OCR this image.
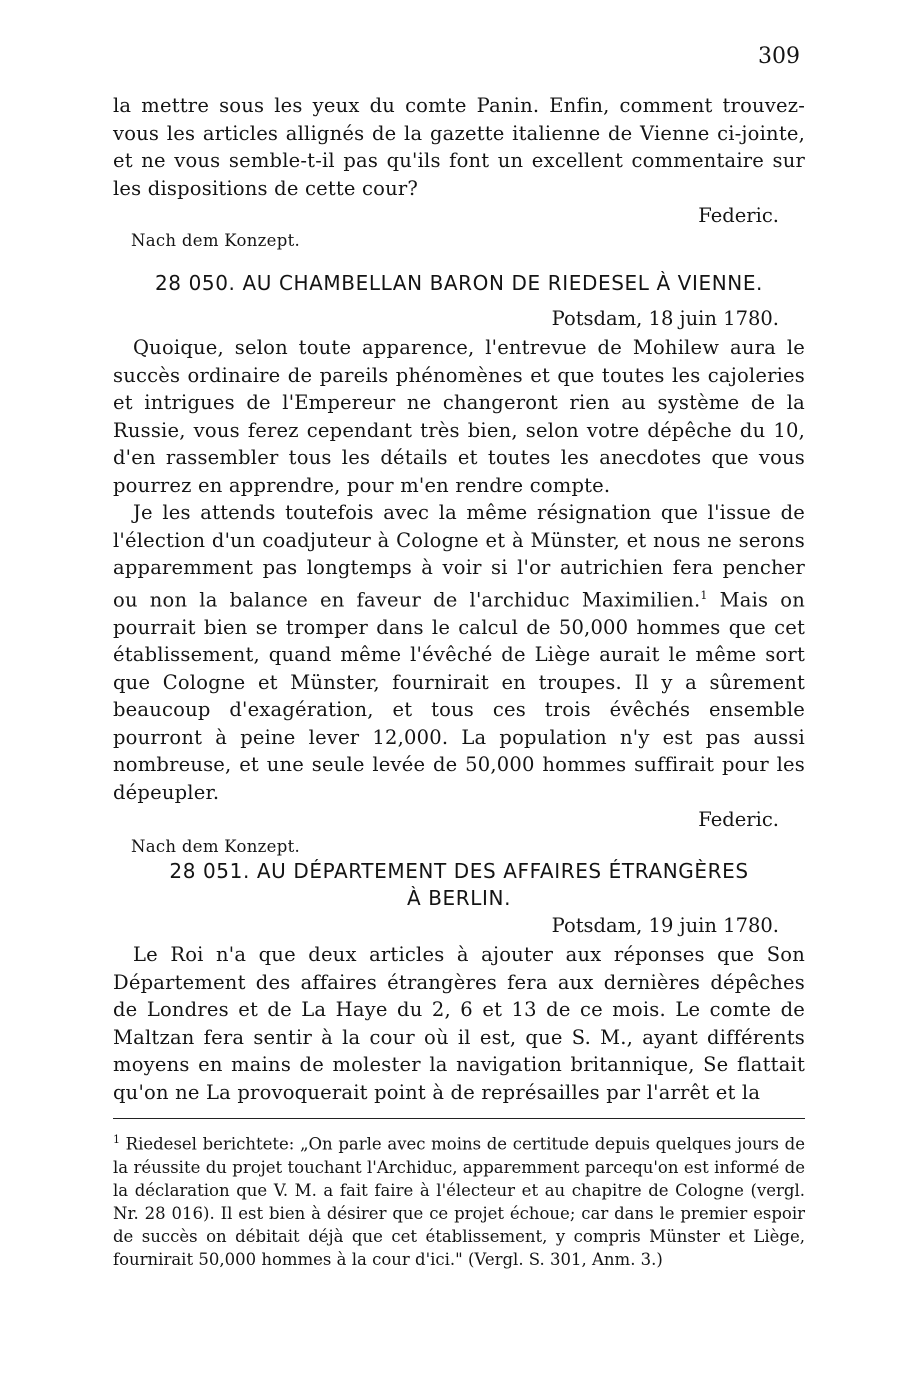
309

la mettre sous les yeux du comte Panin. Enfin, comment trouvez-vous les articles allignés de la gazette italienne de Vienne ci-jointe, et ne vous semble-t-il pas qu'ils font un excellent commentaire sur les dispositions de cette cour?

Federic.

Nach dem Konzept.

28 050. AU CHAMBELLAN BARON DE RIEDESEL À VIENNE.

Potsdam, 18 juin 1780.

Quoique, selon toute apparence, l'entrevue de Mohilew aura le succès ordinaire de pareils phénomènes et que toutes les cajoleries et intrigues de l'Empereur ne changeront rien au système de la Russie, vous ferez cependant très bien, selon votre dépêche du 10, d'en rassembler tous les détails et toutes les anecdotes que vous pourrez en apprendre, pour m'en rendre compte.

Je les attends toutefois avec la même résignation que l'issue de l'élection d'un coadjuteur à Cologne et à Münster, et nous ne serons apparemment pas longtemps à voir si l'or autrichien fera pencher ou non la balance en faveur de l'archiduc Maximilien.$^1$ Mais on pourrait bien se tromper dans le calcul de 50,000 hommes que cet établissement, quand même l'évêché de Liège aurait le même sort que Cologne et Münster, fournirait en troupes. Il y a sûrement beaucoup d'exagération, et tous ces trois évêchés ensemble pourront à peine lever 12,000. La population n'y est pas aussi nombreuse, et une seule levée de 50,000 hommes suffirait pour les dépeupler.

Federic.

Nach dem Konzept.

28 051. AU DÉPARTEMENT DES AFFAIRES ÉTRANGÈRES

À BERLIN.

Potsdam, 19 juin 1780.

Le Roi n'a que deux articles à ajouter aux réponses que Son Département des affaires étrangères fera aux dernières dépêches de Londres et de La Haye du 2, 6 et 13 de ce mois. Le comte de Maltzan fera sentir à la cour où il est, que S. M., ayant différents moyens en mains de molester la navigation britannique, Se flattait qu'on ne La provoquerait point à de représailles par l'arrêt et la

$^1$ Riedesel berichtete: „On parle avec moins de certitude depuis quelques jours de la réussite du projet touchant l'Archiduc, apparemment parcequ'on est informé de la déclaration que V. M. a fait faire à l'électeur et au chapitre de Cologne (vergl. Nr. 28 016). Il est bien à désirer que ce projet échoue; car dans le premier espoir de succès on débitait déjà que cet établissement, y compris Münster et Liège, fournirait 50,000 hommes à la cour d'ici." (Vergl. S. 301, Anm. 3.)
